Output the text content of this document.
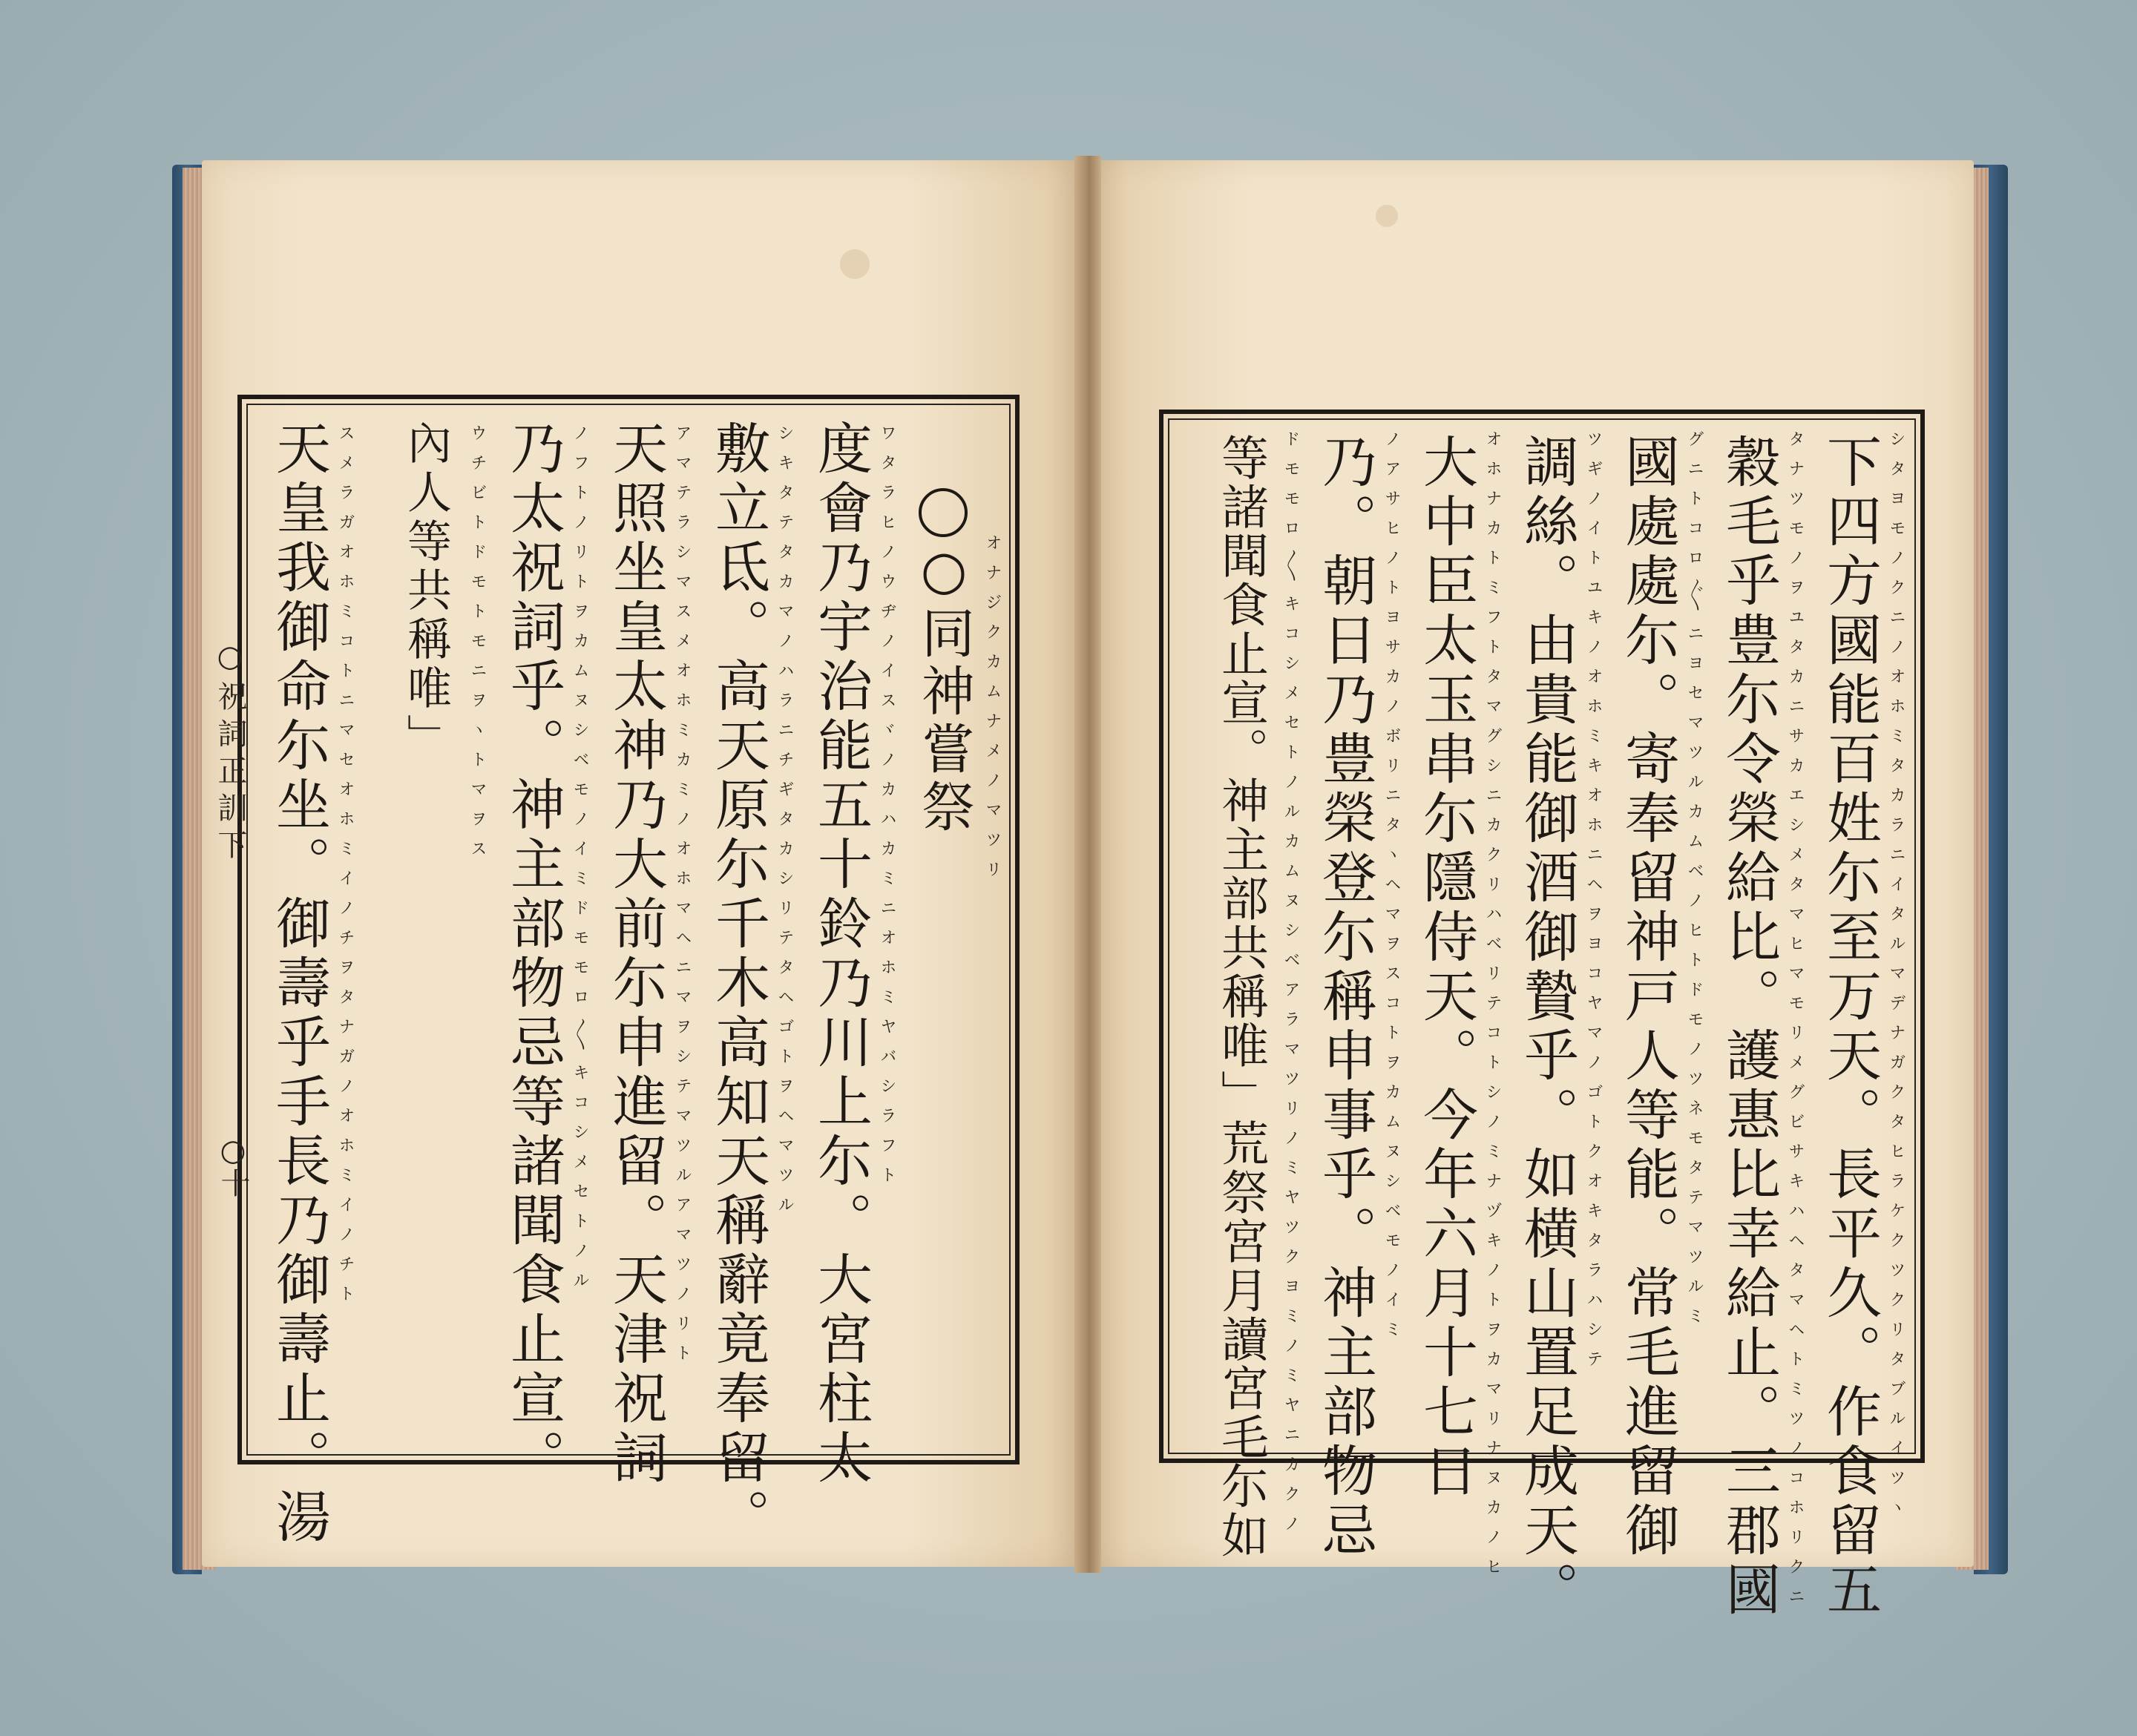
○祝詞正訓下
○十
オナジクカムナメノマツリ
○同神嘗祭
ワタラヒノウヂノイスヾノカハカミニオホミヤバシラフト
度會乃宇治能五十鈴乃川上尓。大宮柱太
シキタテタカマノハラニチギタカシリテタヘゴトヲヘマツル
敷立氐。高天原尓千木高知天稱辭竟奉留。
アマテラシマスメオホミカミノオホマヘニマヲシテマツルアマツノリト
天照坐皇太神乃大前尓申進留。天津祝詞
ノフトノリトヲカムヌシベモノイミドモモロ〳〵キコシメセトノル
乃太祝詞乎。神主部物忌等諸聞食止宣。
ウチビトドモトモニヲヽトマヲス
內人等共稱唯」
スメラガオホミコトニマセオホミイノチヲタナガノオホミイノチト
天皇我御命尓坐。御壽乎手長乃御壽止。湯	シタヨモノクニノオホミタカラニイタルマデナガクタヒラケクツクリタブルイツヽ
下四方國能百姓尓至万天。長平久。作食留五
タナツモノヲユタカニサカエシメタマヒマモリメグビサキハヘタマヘトミツノコホリクニ
穀毛乎豊尓令榮給比。護惠比幸給止。三郡國
グニトコロ〴〵ニヨセマツルカムベノヒトドモノツネモタテマツルミ
國處處尓。寄奉留神戸人等能。常毛進留御
ツギノイトユキノオホミキオホニヘヲヨコヤマノゴトクオキタラハシテ
調絲。由貴能御酒御贄乎。如横山置足成天。
オホナカトミフトタマグシニカクリハベリテコトシノミナヅキノトヲカマリナヌカノヒ
大中臣太玉串尓隱侍天。今年六月十七日
ノアサヒノトヨサカノボリニタヽヘマヲスコトヲカムヌシベモノイミ
乃。朝日乃豊榮登尓稱申事乎。神主部物忌
ドモモロ〳〵キコシメセトノルカムヌシベアラマツリノミヤツクヨミノミヤニカクノ
等諸聞食止宣。神主部共稱唯」荒祭宮月讀宮毛尓如
